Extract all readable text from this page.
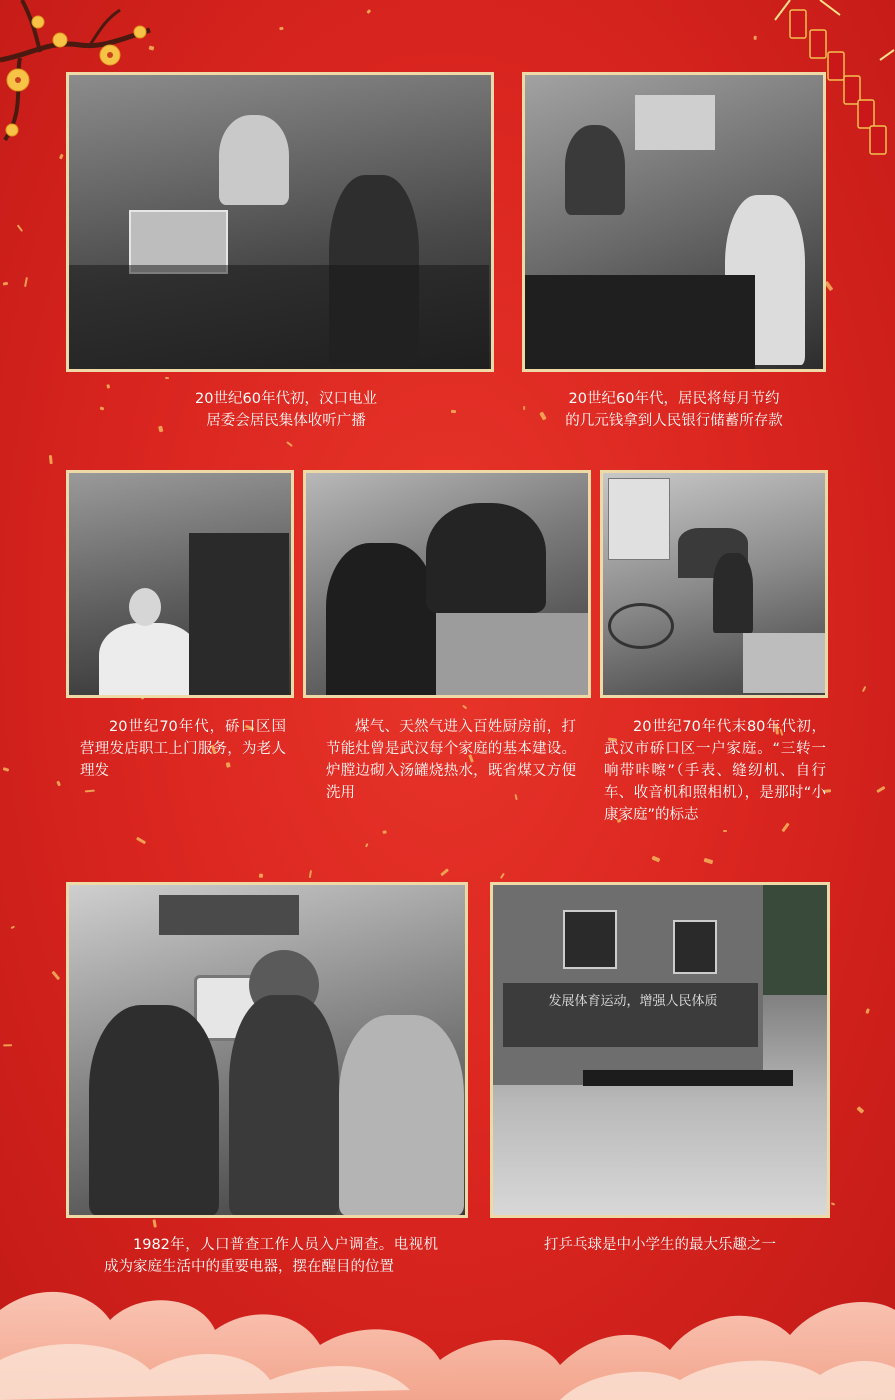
20世纪60年代初，汉口电业
居委会居民集体收听广播
20世纪60年代，居民将每月节约
的几元钱拿到人民银行储蓄所存款
20世纪70年代，硚口区国营理发店职工上门服务，为老人理发
煤气、天然气进入百姓厨房前，打节能灶曾是武汉每个家庭的基本建设。炉膛边砌入汤罐烧热水，既省煤又方便洗用
20世纪70年代末80年代初，武汉市硚口区一户家庭。“三转一响带咔嚓”（手表、缝纫机、自行车、收音机和照相机），是那时“小康家庭”的标志
1982年，人口普查工作人员入户调查。电视机成为家庭生活中的重要电器，摆在醒目的位置
发展体育运动，增强人民体质
打乒乓球是中小学生的最大乐趣之一
